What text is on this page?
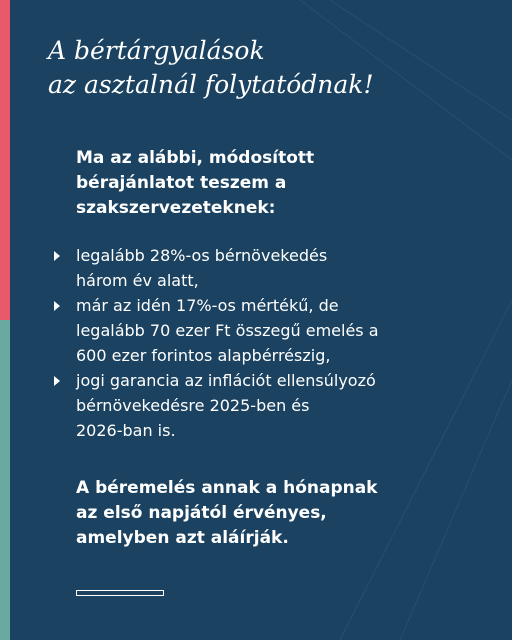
A bértárgyalások
az asztalnál folytatódnak!
Ma az alábbi, módosított
bérajánlatot teszem a
szakszervezeteknek:
legalább 28%-os bérnövekedés
három év alatt,
már az idén 17%-os mértékű, de
legalább 70 ezer Ft összegű emelés a
600 ezer forintos alapbérrészig,
jogi garancia az inflációt ellensúlyozó
bérnövekedésre 2025-ben és
2026-ban is.
A béremelés annak a hónapnak
az első napjától érvényes,
amelyben azt aláírják.
